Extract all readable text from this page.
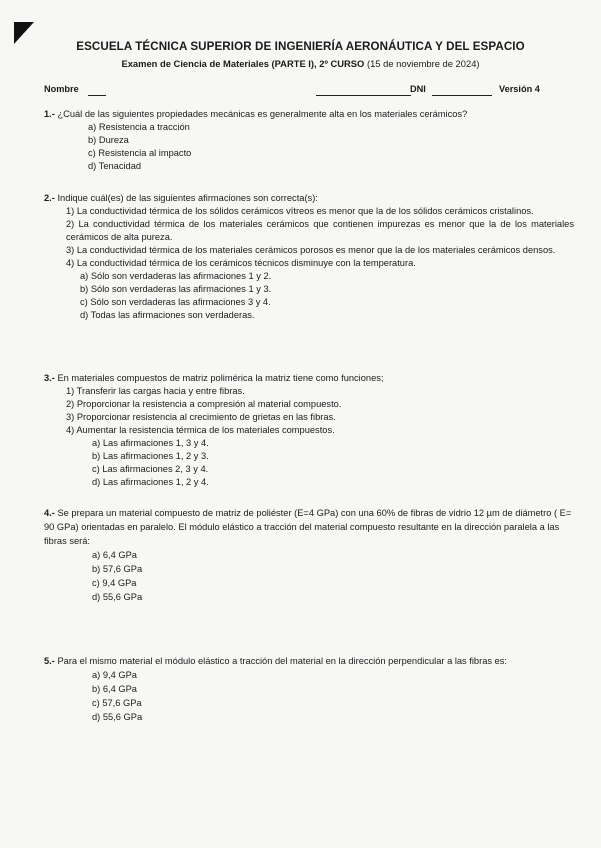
ESCUELA TÉCNICA SUPERIOR DE INGENIERÍA AERONÁUTICA Y DEL ESPACIO
Examen de Ciencia de Materiales (PARTE I), 2º CURSO (15 de noviembre de 2024)
Nombre	DNI	Versión 4
1.- ¿Cuál de las siguientes propiedades mecánicas es generalmente alta en los materiales cerámicos?
a) Resistencia a tracción
b) Dureza
c) Resistencia al impacto
d) Tenacidad
2.- Indique cuál(es) de las siguientes afirmaciones son correcta(s):
1) La conductividad térmica de los sólidos cerámicos vítreos es menor que la de los sólidos cerámicos cristalinos.
2) La conductividad térmica de los materiales cerámicos que contienen impurezas es menor que la de los materiales cerámicos de alta pureza.
3) La conductividad térmica de los materiales cerámicos porosos es menor que la de los materiales cerámicos densos.
4) La conductividad térmica de los cerámicos técnicos disminuye con la temperatura.
a) Sólo son verdaderas las afirmaciones 1 y 2.
b) Sólo son verdaderas las afirmaciones 1 y 3.
c) Sólo son verdaderas las afirmaciones 3 y 4.
d) Todas las afirmaciones son verdaderas.
3.- En materiales compuestos de matriz polimérica la matriz tiene como funciones;
1) Transferir las cargas hacia y entre fibras.
2) Proporcionar la resistencia a compresión al material compuesto.
3) Proporcionar resistencia al crecimiento de grietas en las fibras.
4) Aumentar la resistencia térmica de los materiales compuestos.
a) Las afirmaciones 1, 3 y 4.
b) Las afirmaciones 1, 2 y 3.
c) Las afirmaciones 2, 3 y 4.
d) Las afirmaciones 1, 2 y 4.
4.- Se prepara un material compuesto de matriz de poliéster (E=4 GPa) con una 60% de fibras de vidrio 12 µm de diámetro ( E= 90 GPa) orientadas en paralelo. El módulo elástico a tracción del material compuesto resultante en la dirección paralela a las fibras será:
a) 6,4 GPa
b) 57,6 GPa
c) 9,4 GPa
d) 55,6 GPa
5.- Para el mismo material el módulo elástico a tracción del material en la dirección perpendicular a las fibras es:
a) 9,4 GPa
b) 6,4 GPa
c) 57,6 GPa
d) 55,6 GPa
